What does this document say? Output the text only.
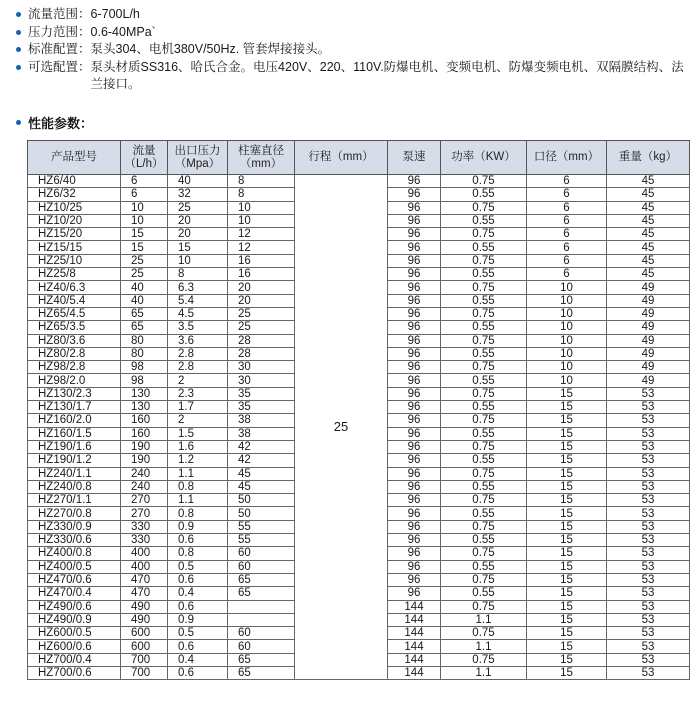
流量范围： 6-700L/h
压力范围： 0.6-40MPa`
标准配置： 泵头304、电机380V/50Hz. 管套焊接接头。
可选配置： 泵头材质SS316、哈氏合金。电压420V、220、110V.防爆电机、变频电机、防爆变频电机、双隔膜结构、法兰接口。
性能参数：
产品型号	流量（L/h）	出口压力（Mpa）	柱塞直径（mm）	行程（mm）	泵速	功率（KW）	口径（mm）	重量（kg）
HZ6/40	6	40	8	25	96	0.75	6	45
HZ6/32	6	32	8		96	0.55	6	45
HZ10/25	10	25	10		96	0.75	6	45
HZ10/20	10	20	10		96	0.55	6	45
HZ15/20	15	20	12		96	0.75	6	45
HZ15/15	15	15	12		96	0.55	6	45
HZ25/10	25	10	16		96	0.75	6	45
HZ25/8	25	8	16		96	0.55	6	45
HZ40/6.3	40	6.3	20		96	0.75	10	49
HZ40/5.4	40	5.4	20		96	0.55	10	49
HZ65/4.5	65	4.5	25		96	0.75	10	49
HZ65/3.5	65	3.5	25		96	0.55	10	49
HZ80/3.6	80	3.6	28		96	0.75	10	49
HZ80/2.8	80	2.8	28		96	0.55	10	49
HZ98/2.8	98	2.8	30		96	0.75	10	49
HZ98/2.0	98	2	30		96	0.55	10	49
HZ130/2.3	130	2.3	35		96	0.75	15	53
HZ130/1.7	130	1.7	35		96	0.55	15	53
HZ160/2.0	160	2	38		96	0.75	15	53
HZ160/1.5	160	1.5	38		96	0.55	15	53
HZ190/1.6	190	1.6	42		96	0.75	15	53
HZ190/1.2	190	1.2	42		96	0.55	15	53
HZ240/1.1	240	1.1	45		96	0.75	15	53
HZ240/0.8	240	0.8	45		96	0.55	15	53
HZ270/1.1	270	1.1	50		96	0.75	15	53
HZ270/0.8	270	0.8	50		96	0.55	15	53
HZ330/0.9	330	0.9	55		96	0.75	15	53
HZ330/0.6	330	0.6	55		96	0.55	15	53
HZ400/0.8	400	0.8	60		96	0.75	15	53
HZ400/0.5	400	0.5	60		96	0.55	15	53
HZ470/0.6	470	0.6	65		96	0.75	15	53
HZ470/0.4	470	0.4	65		96	0.55	15	53
HZ490/0.6	490	0.6			144	0.75	15	53
HZ490/0.9	490	0.9			144	1.1	15	53
HZ600/0.5	600	0.5	60		144	0.75	15	53
HZ600/0.6	600	0.6	60		144	1.1	15	53
HZ700/0.4	700	0.4	65		144	0.75	15	53
HZ700/0.6	700	0.6	65		144	1.1	15	53
